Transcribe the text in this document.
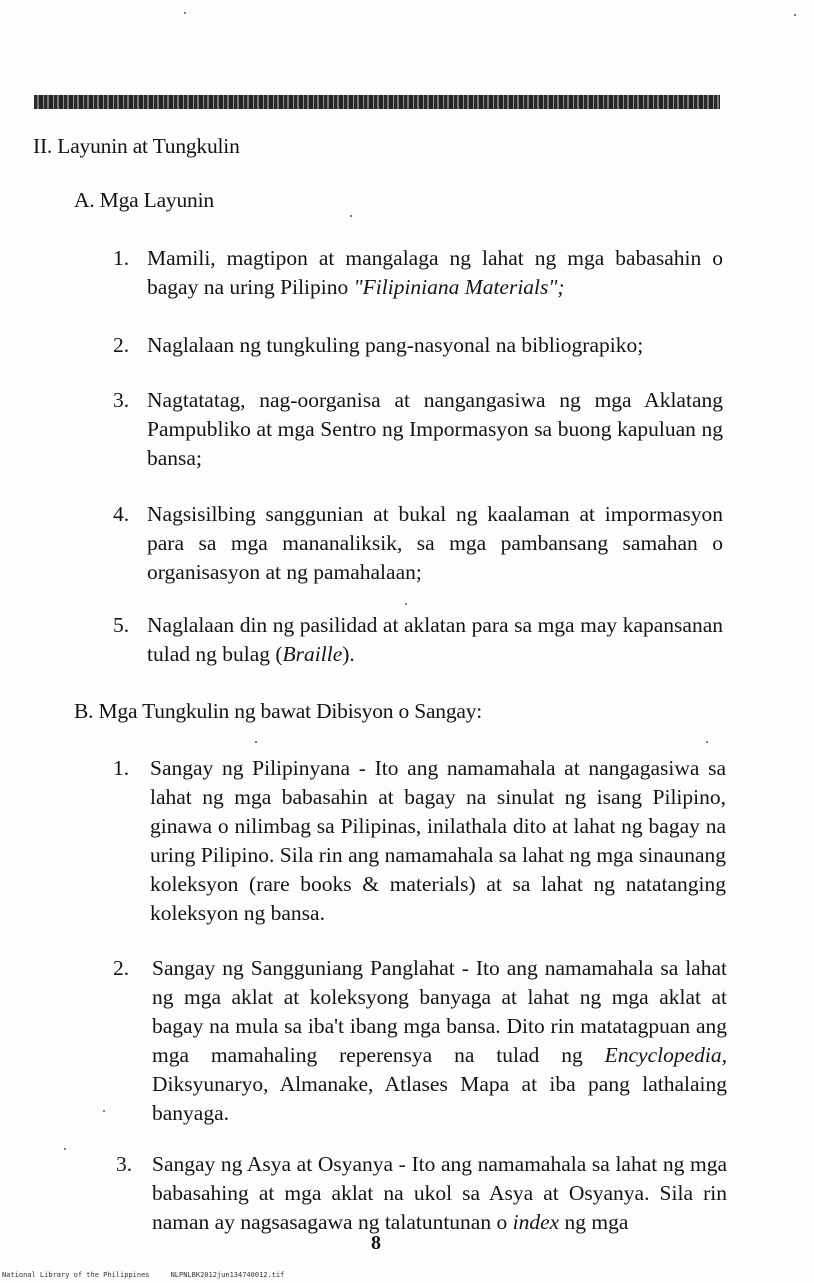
II. Layunin at Tungkulin
A. Mga Layunin
1. Mamili, magtipon at mangalaga ng lahat ng mga babasahin o bagay na uring Pilipino "Filipiniana Materials";
2. Naglalaan ng tungkuling pang-nasyonal na bibliograpiko;
3. Nagtatatag, nag-oorganisa at nangangasiwa ng mga Aklatang Pampubliko at mga Sentro ng Impormasyon sa buong kapuluan ng bansa;
4. Nagsisilbing sanggunian at bukal ng kaalaman at impormasyon para sa mga mananaliksik, sa mga pambansang samahan o organisasyon at ng pamahalaan;
5. Naglalaan din ng pasilidad at aklatan para sa mga may kapansanan tulad ng bulag (Braille).
B. Mga Tungkulin ng bawat Dibisyon o Sangay:
1. Sangay ng Pilipinyana - Ito ang namamahala at nangagasiwa sa lahat ng mga babasahin at bagay na sinulat ng isang Pilipino, ginawa o nilimbag sa Pilipinas, inilathala dito at lahat ng bagay na uring Pilipino. Sila rin ang namamahala sa lahat ng mga sinaunang koleksyon (rare books & materials) at sa lahat ng natatanging koleksyon ng bansa.
2. Sangay ng Sangguniang Panglahat - Ito ang namamahala sa lahat ng mga aklat at koleksyong banyaga at lahat ng mga aklat at bagay na mula sa iba't ibang mga bansa. Dito rin matatagpuan ang mga mamahaling reperensya na tulad ng Encyclopedia, Diksyunaryo, Almanake, Atlases Mapa at iba pang lathalaing banyaga.
3. Sangay ng Asya at Osyanya - Ito ang namamahala sa lahat ng mga babasahing at mga aklat na ukol sa Asya at Osyanya. Sila rin naman ay nagsasagawa ng talatuntunan o index ng mga
8
National Library of the Philippines     NLPNLBK2012jun134740012.tif
